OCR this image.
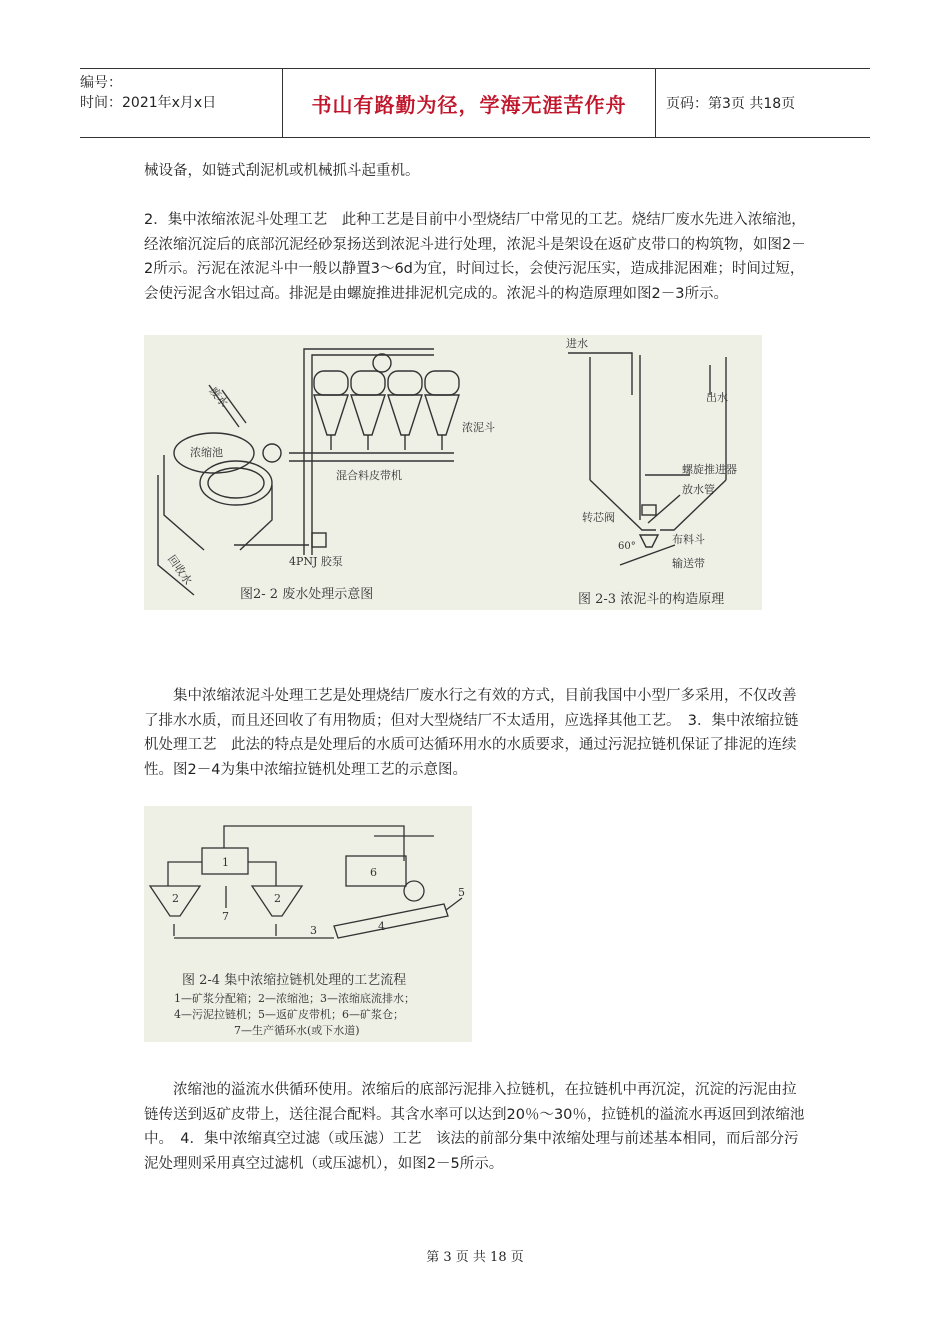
编号：
时间：2021年x月x日	书山有路勤为径，学海无涯苦作舟	页码：第3页 共18页

械设备，如链式刮泥机或机械抓斗起重机。

2．集中浓缩浓泥斗处理工艺　此种工艺是目前中小型烧结厂中常见的工艺。烧结厂废水先进入浓缩池，经浓缩沉淀后的底部沉泥经砂泵扬送到浓泥斗进行处理，浓泥斗是架设在返矿皮带口的构筑物，如图2－2所示。污泥在浓泥斗中一般以静置3～6d为宜，时间过长，会使污泥压实，造成排泥困难；时间过短，会使污泥含水铝过高。排泥是由螺旋推进排泥机完成的。浓泥斗的构造原理如图2－3所示。

浓缩池
废水
浓泥斗
混合料皮带机
回收水	4PNJ 胶泵
图2- 2 废水处理示意图
进水
出水
螺旋推进器
放水管
转芯阀
布料斗
60°
输送带
图 2-3 浓泥斗的构造原理

集中浓缩浓泥斗处理工艺是处理烧结厂废水行之有效的方式，目前我国中小型厂多采用，不仅改善了排水水质，而且还回收了有用物质；但对大型烧结厂不太适用，应选择其他工艺。　3．集中浓缩拉链机处理工艺　此法的特点是处理后的水质可达循环用水的水质要求，通过污泥拉链机保证了排泥的连续性。图2－4为集中浓缩拉链机处理工艺的示意图。

1
2	2
7
3	4
5
6
图 2-4 集中浓缩拉链机处理的工艺流程
1—矿浆分配箱；2—浓缩池；3—浓缩底流排水；
4—污泥拉链机；5—返矿皮带机；6—矿浆仓；
7—生产循环水(或下水道)

浓缩池的溢流水供循环使用。浓缩后的底部污泥排入拉链机，在拉链机中再沉淀，沉淀的污泥由拉链传送到返矿皮带上，送往混合配料。其含水率可以达到20％～30％，拉链机的溢流水再返回到浓缩池中。　4．集中浓缩真空过滤（或压滤）工艺　该法的前部分集中浓缩处理与前述基本相同，而后部分污泥处理则采用真空过滤机（或压滤机），如图2－5所示。

第 3 页 共 18 页
